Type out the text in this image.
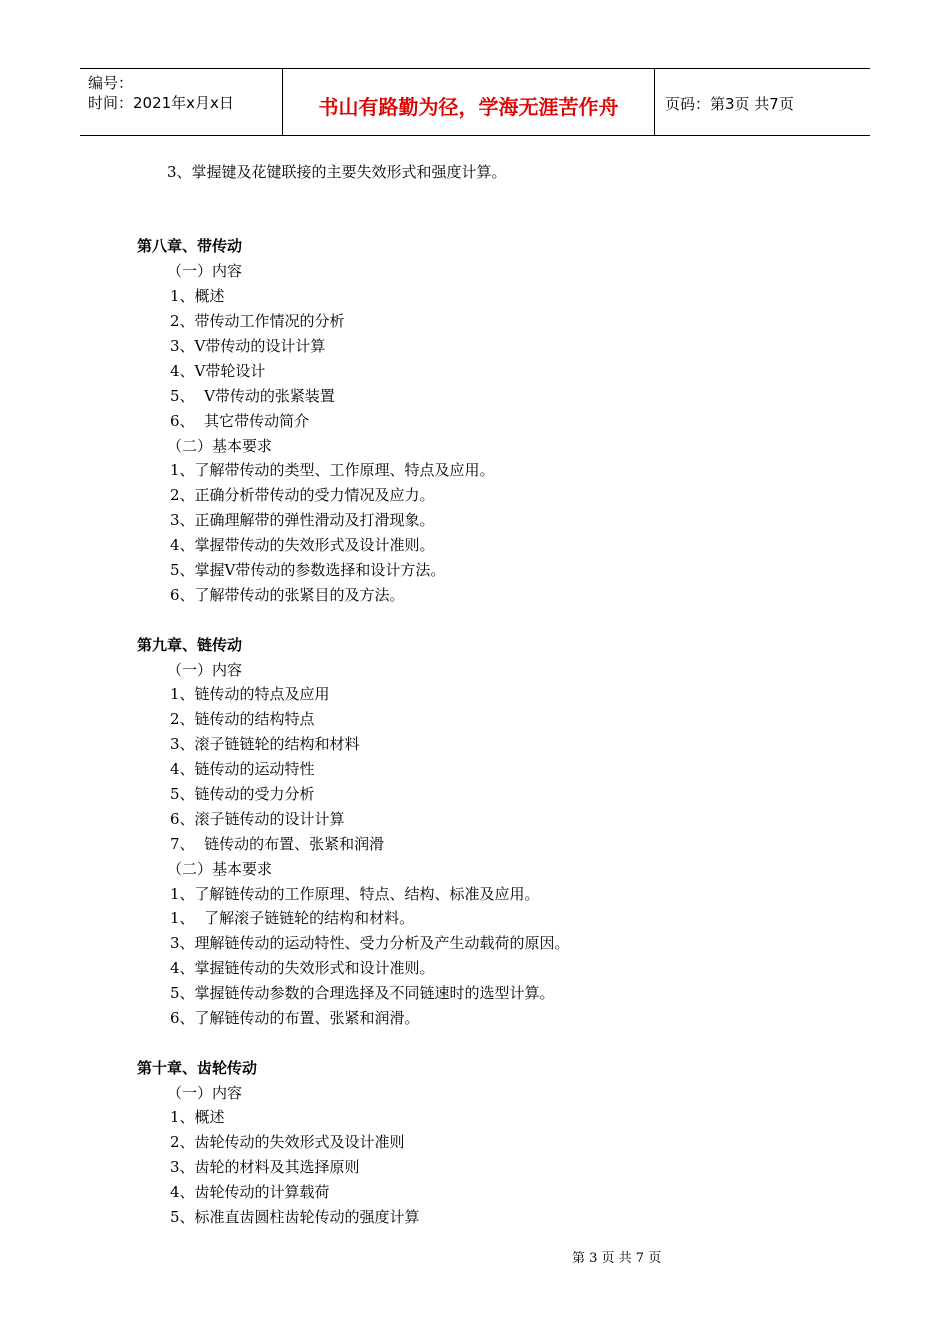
编号：
时间：2021年x月x日	书山有路勤为径，学海无涯苦作舟	页码：第3页 共7页
3、掌握键及花键联接的主要失效形式和强度计算。
第八章、带传动
（一）内容
1、概述
2、带传动工作情况的分析
3、V带传动的设计计算
4、V带轮设计
5、  V带传动的张紧装置
6、  其它带传动简介
（二）基本要求
1、了解带传动的类型、工作原理、特点及应用。
2、正确分析带传动的受力情况及应力。
3、正确理解带的弹性滑动及打滑现象。
4、掌握带传动的失效形式及设计准则。
5、掌握V带传动的参数选择和设计方法。
6、了解带传动的张紧目的及方法。
第九章、链传动
（一）内容
1、链传动的特点及应用
2、链传动的结构特点
3、滚子链链轮的结构和材料
4、链传动的运动特性
5、链传动的受力分析
6、滚子链传动的设计计算
7、  链传动的布置、张紧和润滑
（二）基本要求
1、了解链传动的工作原理、特点、结构、标准及应用。
1、  了解滚子链链轮的结构和材料。
3、理解链传动的运动特性、受力分析及产生动载荷的原因。
4、掌握链传动的失效形式和设计准则。
5、掌握链传动参数的合理选择及不同链速时的选型计算。
6、了解链传动的布置、张紧和润滑。
第十章、齿轮传动
（一）内容
1、概述
2、齿轮传动的失效形式及设计准则
3、齿轮的材料及其选择原则
4、齿轮传动的计算载荷
5、标准直齿圆柱齿轮传动的强度计算
第 3 页 共 7 页
